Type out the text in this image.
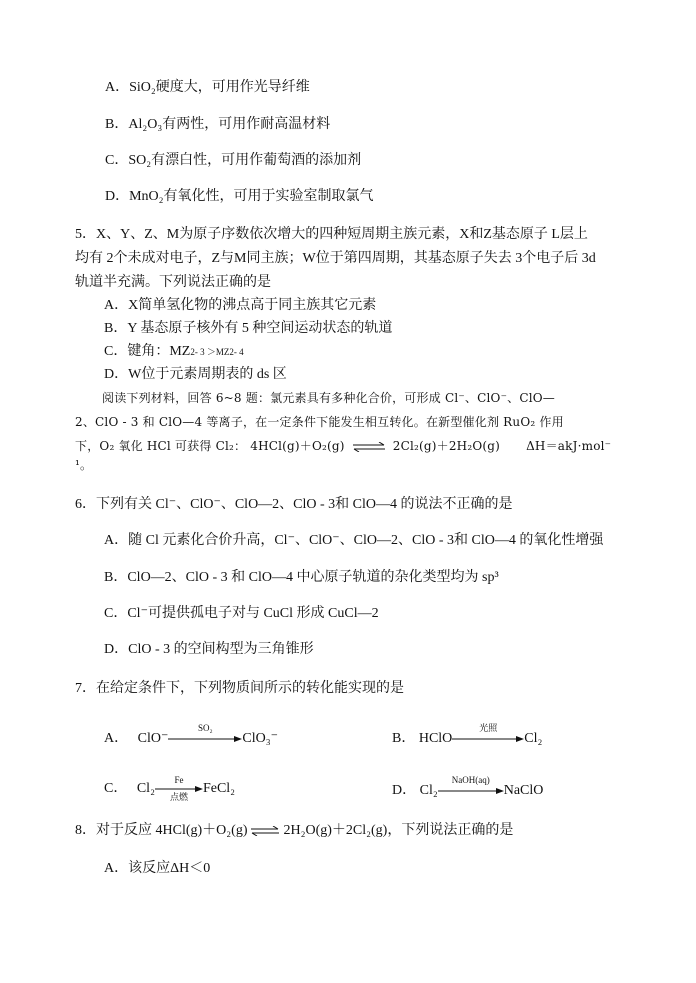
A．SiO₂硬度大，可用作光导纤维
B．Al₂O₃有两性，可用作耐高温材料
C．SO₂有漂白性，可用作葡萄酒的添加剂
D．MnO₂有氧化性，可用于实验室制取氯气
5．X、Y、Z、M为原子序数依次增大的四种短周期主族元素，X和Z基态原子 L层上
均有 2个未成对电子，Z与M同主族；W位于第四周期，其基态原子失去 3个电子后 3d
轨道半充满。下列说法正确的是
A．X简单氢化物的沸点高于同主族其它元素
B．Y 基态原子核外有 5 种空间运动状态的轨道
C．键角：$MZ^{2- 3 >MZ2- 4}$
D．W位于元素周期表的 ds 区
阅读下列材料，回答 6~8 题：氯元素具有多种化合价，可形成 Cl⁻、ClO⁻、ClO—
2、ClO - 3 和 ClO—4 等离子，在一定条件下能发生相互转化。在新型催化剂 RuO₂ 作用
下，O₂ 氧化 HCl 可获得 Cl₂： 4HCl(g)＋O₂(g) ⇌ 2Cl₂(g)＋2H₂O(g) ΔH＝akJ·mol⁻
¹。
6．下列有关 Cl⁻、ClO⁻、ClO—2、ClO - 3和 ClO—4 的说法不正确的是
A．随 Cl 元素化合价升高，Cl⁻、ClO⁻、ClO—2、ClO - 3和 ClO—4 的氧化性增强
B．ClO—2、ClO - 3 和 ClO—4 中心原子轨道的杂化类型均为 sp³
C．Cl⁻可提供孤电子对与 CuCl 形成 CuCl—2
D．ClO - 3 的空间构型为三角锥形
7．在给定条件下，下列物质间所示的转化能实现的是
A． ClO⁻
SO₂
ClO₃⁻	B． HClO
光照
Cl₂
C． Cl₂
Fe
点燃
FeCl₂	D． Cl₂
NaOH(aq)
NaClO
8．对于反应 4HCl(g)＋O₂(g) ⇌ 2H₂O(g)＋2Cl₂(g)，下列说法正确的是
A．该反应ΔH＜0
